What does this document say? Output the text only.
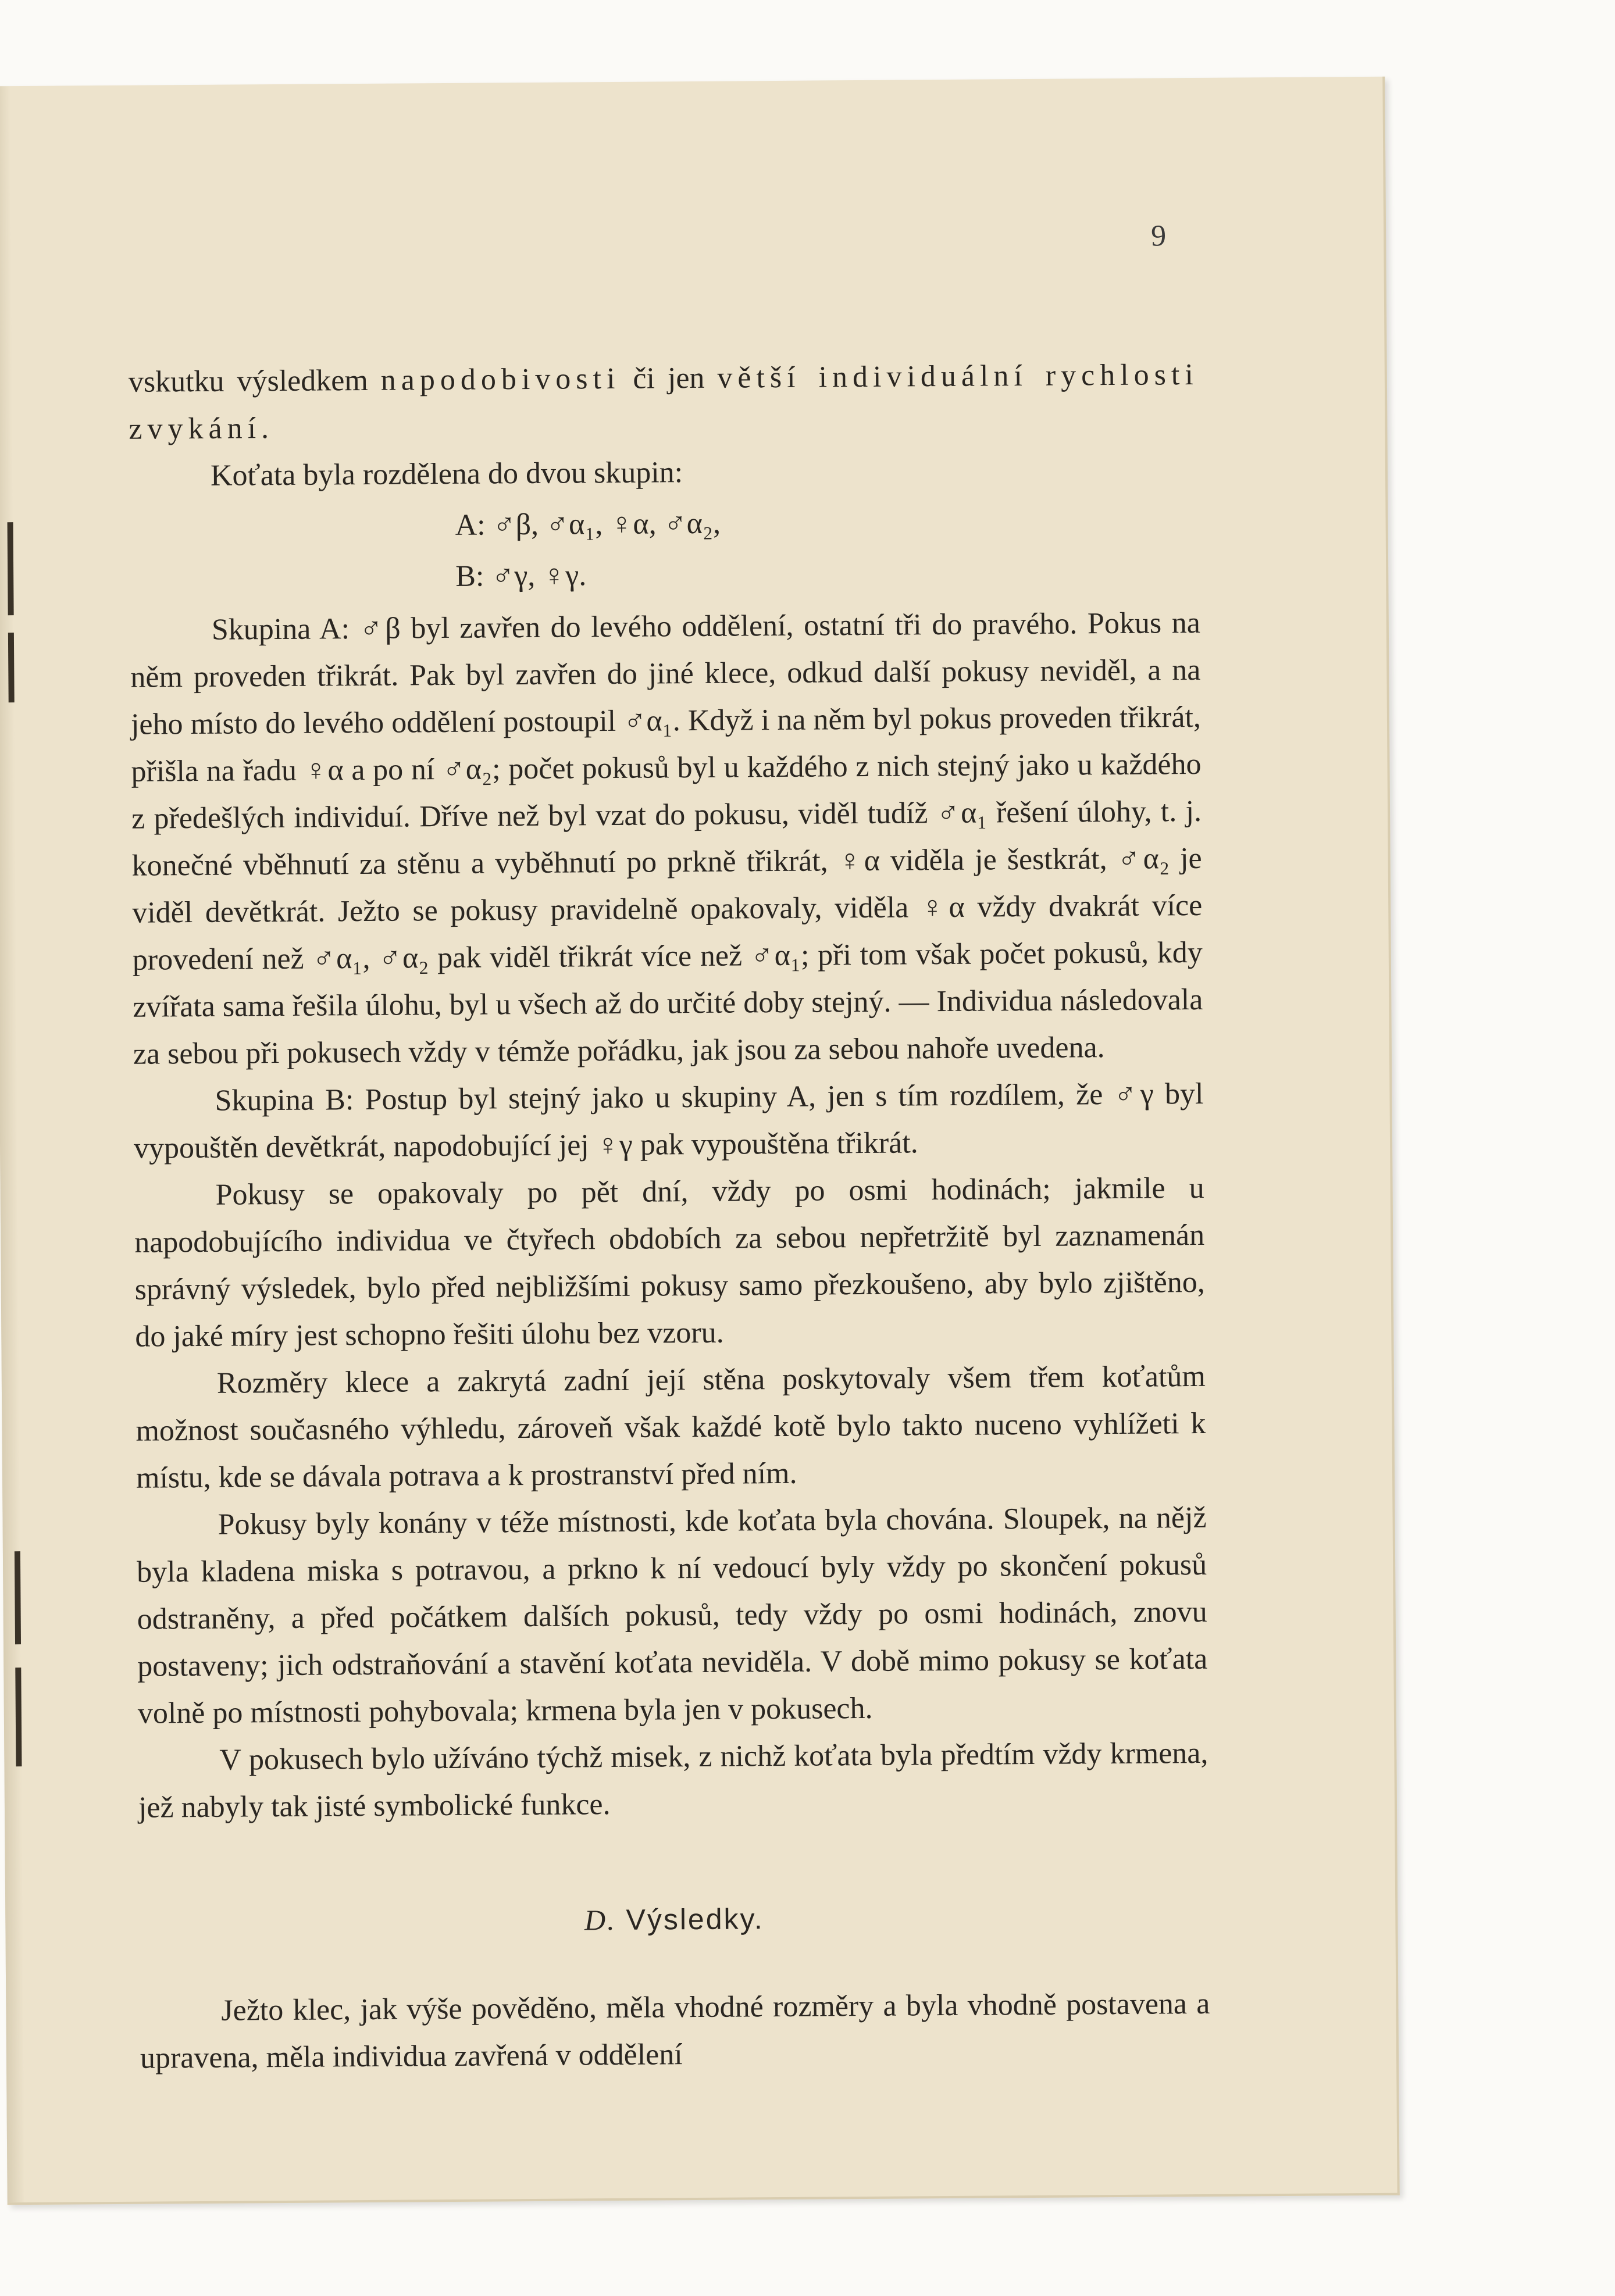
9

vskutku výsledkem napodobivosti či jen větší individuální rychlosti zvykání.

Koťata byla rozdělena do dvou skupin:

A: ♂β, ♂α₁, ♀α, ♂α₂,

B: ♂γ, ♀γ.

Skupina A: ♂β byl zavřen do levého oddělení, ostatní tři do pravého. Pokus na něm proveden třikrát. Pak byl zavřen do jiné klece, odkud další pokusy neviděl, a na jeho místo do levého oddělení postoupil ♂α₁. Když i na něm byl pokus proveden třikrát, přišla na řadu ♀α a po ní ♂α₂; počet pokusů byl u každého z nich stejný jako u každého z předešlých individuí. Dříve než byl vzat do pokusu, viděl tudíž ♂α₁ řešení úlohy, t. j. konečné vběhnutí za stěnu a vyběhnutí po prkně třikrát, ♀α viděla je šestkrát, ♂α₂ je viděl devětkrát. Ježto se pokusy pravidelně opakovaly, viděla ♀α vždy dvakrát více provedení než ♂α₁, ♂α₂ pak viděl třikrát více než ♂α₁; při tom však počet pokusů, kdy zvířata sama řešila úlohu, byl u všech až do určité doby stejný. — Individua následovala za sebou při pokusech vždy v témže pořádku, jak jsou za sebou nahoře uvedena.

Skupina B: Postup byl stejný jako u skupiny A, jen s tím rozdílem, že ♂γ byl vypouštěn devětkrát, napodobující jej ♀γ pak vypouštěna třikrát.

Pokusy se opakovaly po pět dní, vždy po osmi hodinách; jakmile u napodobujícího individua ve čtyřech obdobích za sebou nepřetržitě byl zaznamenán správný výsledek, bylo před nejbližšími pokusy samo přezkoušeno, aby bylo zjištěno, do jaké míry jest schopno řešiti úlohu bez vzoru.

Rozměry klece a zakrytá zadní její stěna poskytovaly všem třem koťatům možnost současného výhledu, zároveň však každé kotě bylo takto nuceno vyhlížeti k místu, kde se dávala potrava a k prostranství před ním.

Pokusy byly konány v téže místnosti, kde koťata byla chována. Sloupek, na nějž byla kladena miska s potravou, a prkno k ní vedoucí byly vždy po skončení pokusů odstraněny, a před počátkem dalších pokusů, tedy vždy po osmi hodinách, znovu postaveny; jich odstraňování a stavění koťata neviděla. V době mimo pokusy se koťata volně po místnosti pohybovala; krmena byla jen v pokusech.

V pokusech bylo užíváno týchž misek, z nichž koťata byla předtím vždy krmena, jež nabyly tak jisté symbolické funkce.

D. Výsledky.

Ježto klec, jak výše pověděno, měla vhodné rozměry a byla vhodně postavena a upravena, měla individua zavřená v oddělení
